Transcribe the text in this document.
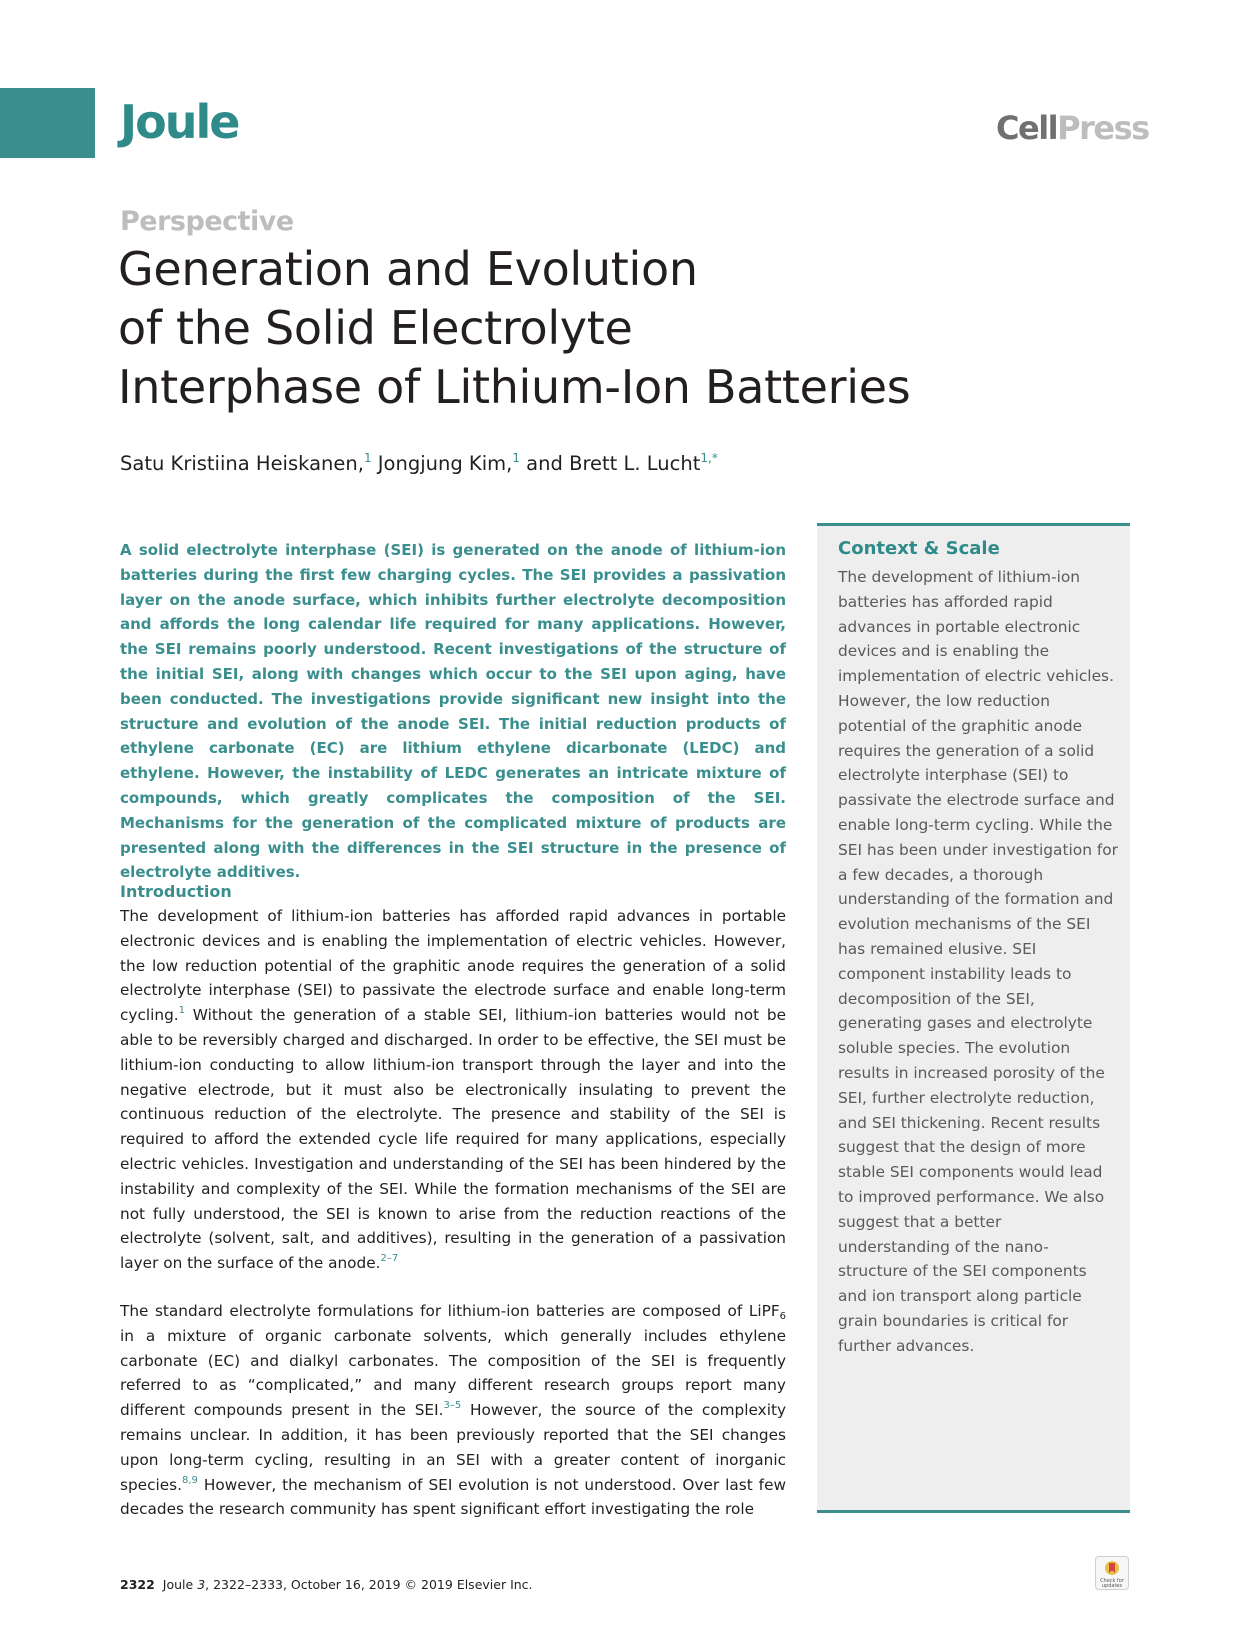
Joule	CellPress
Perspective
Generation and Evolution
of the Solid Electrolyte
Interphase of Lithium-Ion Batteries
Satu Kristiina Heiskanen,$^1$ Jongjung Kim,$^1$ and Brett L. Lucht$^{1,*}$

A solid electrolyte interphase (SEI) is generated on the anode of lithium-ion batteries during the first few charging cycles. The SEI provides a passivation layer on the anode surface, which inhibits further electrolyte decomposition and affords the long calendar life required for many applications. However, the SEI remains poorly understood. Recent investigations of the structure of the initial SEI, along with changes which occur to the SEI upon aging, have been conducted. The investigations provide significant new insight into the structure and evolution of the anode SEI. The initial reduction products of ethylene carbonate (EC) are lithium ethylene dicarbonate (LEDC) and ethylene. However, the instability of LEDC generates an intricate mixture of compounds, which greatly complicates the composition of the SEI. Mechanisms for the generation of the complicated mixture of products are presented along with the differences in the SEI structure in the presence of electrolyte additives.

Introduction

The development of lithium-ion batteries has afforded rapid advances in portable electronic devices and is enabling the implementation of electric vehicles. However, the low reduction potential of the graphitic anode requires the generation of a solid electrolyte interphase (SEI) to passivate the electrode surface and enable long-term cycling.$^1$ Without the generation of a stable SEI, lithium-ion batteries would not be able to be reversibly charged and discharged. In order to be effective, the SEI must be lithium-ion conducting to allow lithium-ion transport through the layer and into the negative electrode, but it must also be electronically insulating to prevent the continuous reduction of the electrolyte. The presence and stability of the SEI is required to afford the extended cycle life required for many applications, especially electric vehicles. Investigation and understanding of the SEI has been hindered by the instability and complexity of the SEI. While the formation mechanisms of the SEI are not fully understood, the SEI is known to arise from the reduction reactions of the electrolyte (solvent, salt, and additives), resulting in the generation of a passivation layer on the surface of the anode.$^{2-7}$

The standard electrolyte formulations for lithium-ion batteries are composed of LiPF$_6$ in a mixture of organic carbonate solvents, which generally includes ethylene carbonate (EC) and dialkyl carbonates. The composition of the SEI is frequently referred to as “complicated,” and many different research groups report many different compounds present in the SEI.$^{3-5}$ However, the source of the complexity remains unclear. In addition, it has been previously reported that the SEI changes upon long-term cycling, resulting in an SEI with a greater content of inorganic species.$^{8,9}$ However, the mechanism of SEI evolution is not understood. Over last few decades the research community has spent significant effort investigating the role

Context & Scale

The development of lithium-ion batteries has afforded rapid advances in portable electronic devices and is enabling the implementation of electric vehicles. However, the low reduction potential of the graphitic anode requires the generation of a solid electrolyte interphase (SEI) to passivate the electrode surface and enable long-term cycling. While the SEI has been under investigation for a few decades, a thorough understanding of the formation and evolution mechanisms of the SEI has remained elusive. SEI component instability leads to decomposition of the SEI, generating gases and electrolyte soluble species. The evolution results in increased porosity of the SEI, further electrolyte reduction, and SEI thickening. Recent results suggest that the design of more stable SEI components would lead to improved performance. We also suggest that a better understanding of the nano-structure of the SEI components and ion transport along particle grain boundaries is critical for further advances.

2322 Joule 3, 2322–2333, October 16, 2019 © 2019 Elsevier Inc.	Check for updates
